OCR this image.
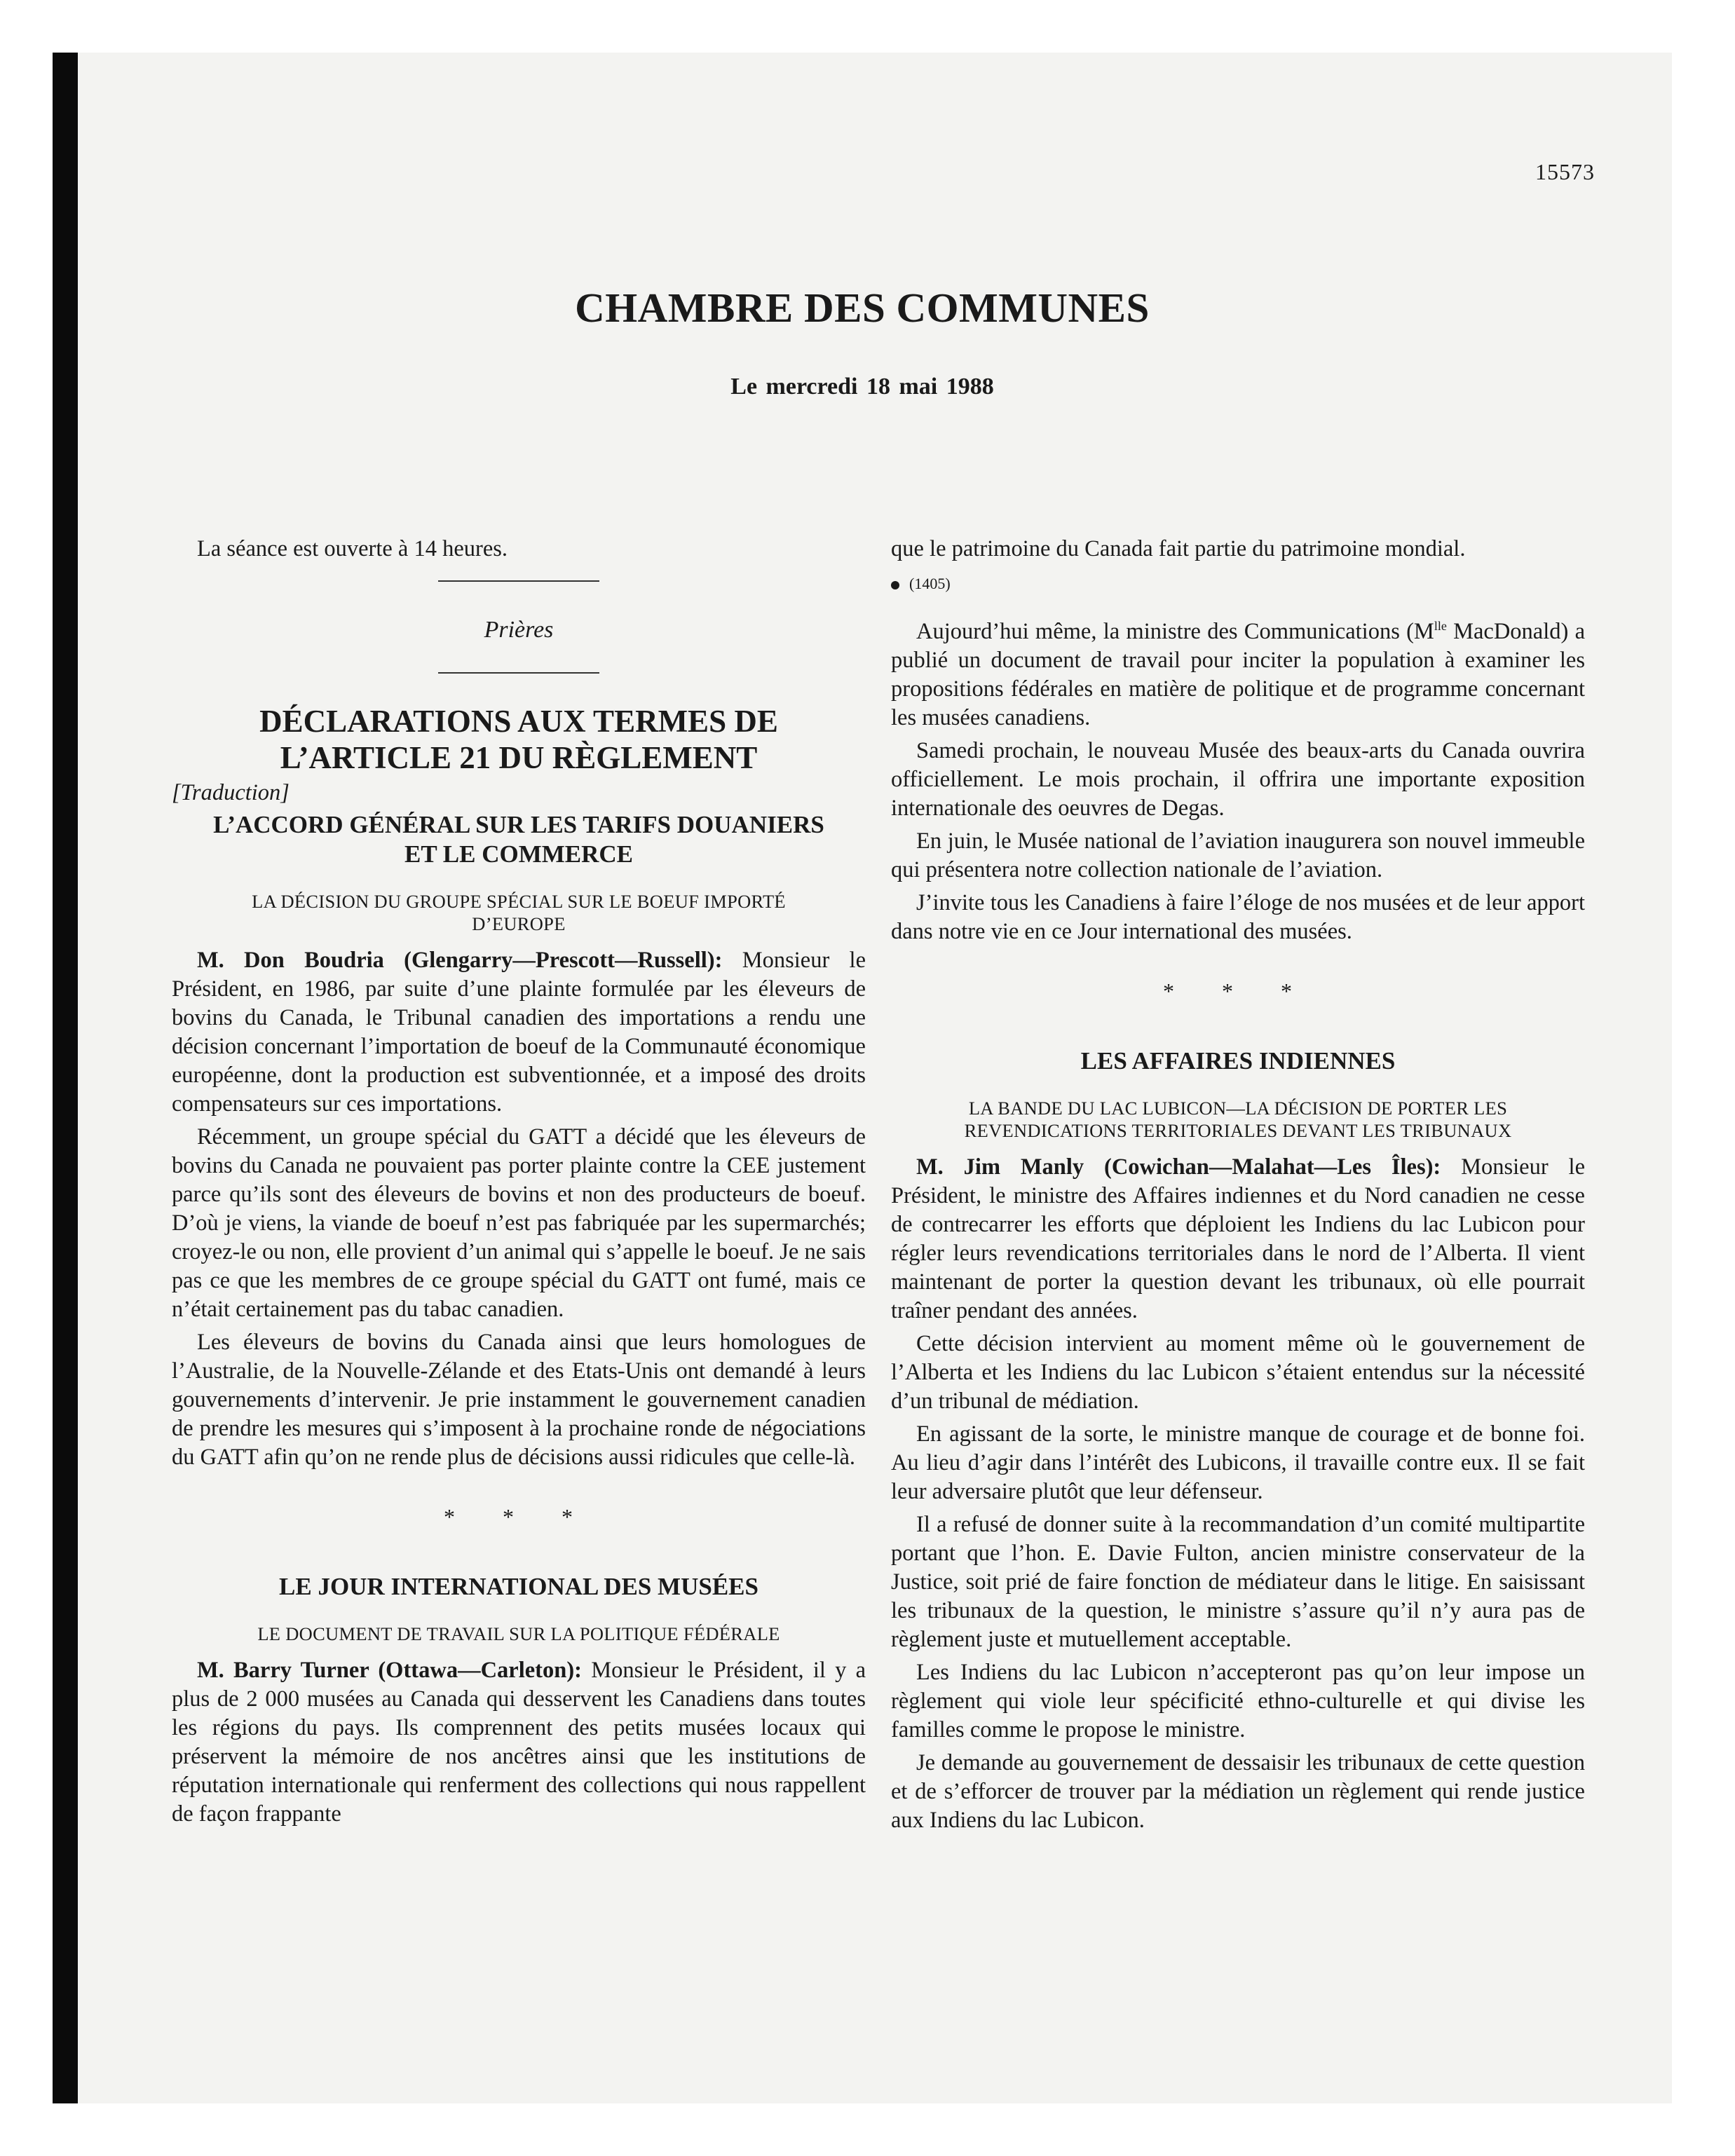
15573
CHAMBRE DES COMMUNES
Le mercredi 18 mai 1988

La séance est ouverte à 14 heures.

Prières
DÉCLARATIONS AUX TERMES DE
L’ARTICLE 21 DU RÈGLEMENT
[Traduction]
L’ACCORD GÉNÉRAL SUR LES TARIFS DOUANIERS
ET LE COMMERCE
LA DÉCISION DU GROUPE SPÉCIAL SUR LE BOEUF IMPORTÉ
D’EUROPE

M. Don Boudria (Glengarry—Prescott—Russell): Monsieur le Président, en 1986, par suite d’une plainte formulée par les éleveurs de bovins du Canada, le Tribunal canadien des importations a rendu une décision concernant l’importation de boeuf de la Communauté économique européenne, dont la production est subventionnée, et a imposé des droits compensateurs sur ces importations.

Récemment, un groupe spécial du GATT a décidé que les éleveurs de bovins du Canada ne pouvaient pas porter plainte contre la CEE justement parce qu’ils sont des éleveurs de bovins et non des producteurs de boeuf. D’où je viens, la viande de boeuf n’est pas fabriquée par les supermarchés; croyez-le ou non, elle provient d’un animal qui s’appelle le boeuf. Je ne sais pas ce que les membres de ce groupe spécial du GATT ont fumé, mais ce n’était certainement pas du tabac canadien.

Les éleveurs de bovins du Canada ainsi que leurs homologues de l’Australie, de la Nouvelle-Zélande et des Etats-Unis ont demandé à leurs gouvernements d’intervenir. Je prie instamment le gouvernement canadien de prendre les mesures qui s’imposent à la prochaine ronde de négociations du GATT afin qu’on ne rende plus de décisions aussi ridicules que celle-là.

* * *
LE JOUR INTERNATIONAL DES MUSÉES
LE DOCUMENT DE TRAVAIL SUR LA POLITIQUE FÉDÉRALE

M. Barry Turner (Ottawa—Carleton): Monsieur le Président, il y a plus de 2 000 musées au Canada qui desservent les Canadiens dans toutes les régions du pays. Ils comprennent des petits musées locaux qui préservent la mémoire de nos ancêtres ainsi que les institutions de réputation internationale qui renferment des collections qui nous rappellent de façon frappante

que le patrimoine du Canada fait partie du patrimoine mondial.

(1405)

Aujourd’hui même, la ministre des Communications ($M^{lle}$ MacDonald) a publié un document de travail pour inciter la population à examiner les propositions fédérales en matière de politique et de programme concernant les musées canadiens.

Samedi prochain, le nouveau Musée des beaux-arts du Canada ouvrira officiellement. Le mois prochain, il offrira une importante exposition internationale des oeuvres de Degas.

En juin, le Musée national de l’aviation inaugurera son nouvel immeuble qui présentera notre collection nationale de l’aviation.

J’invite tous les Canadiens à faire l’éloge de nos musées et de leur apport dans notre vie en ce Jour international des musées.

* * *
LES AFFAIRES INDIENNES
LA BANDE DU LAC LUBICON—LA DÉCISION DE PORTER LES
REVENDICATIONS TERRITORIALES DEVANT LES TRIBUNAUX

M. Jim Manly (Cowichan—Malahat—Les Îles): Monsieur le Président, le ministre des Affaires indiennes et du Nord canadien ne cesse de contrecarrer les efforts que déploient les Indiens du lac Lubicon pour régler leurs revendications territoriales dans le nord de l’Alberta. Il vient maintenant de porter la question devant les tribunaux, où elle pourrait traîner pendant des années.

Cette décision intervient au moment même où le gouvernement de l’Alberta et les Indiens du lac Lubicon s’étaient entendus sur la nécessité d’un tribunal de médiation.

En agissant de la sorte, le ministre manque de courage et de bonne foi. Au lieu d’agir dans l’intérêt des Lubicons, il travaille contre eux. Il se fait leur adversaire plutôt que leur défenseur.

Il a refusé de donner suite à la recommandation d’un comité multipartite portant que l’hon. E. Davie Fulton, ancien ministre conservateur de la Justice, soit prié de faire fonction de médiateur dans le litige. En saisissant les tribunaux de la question, le ministre s’assure qu’il n’y aura pas de règlement juste et mutuellement acceptable.

Les Indiens du lac Lubicon n’accepteront pas qu’on leur impose un règlement qui viole leur spécificité ethno-culturelle et qui divise les familles comme le propose le ministre.

Je demande au gouvernement de dessaisir les tribunaux de cette question et de s’efforcer de trouver par la médiation un règlement qui rende justice aux Indiens du lac Lubicon.
